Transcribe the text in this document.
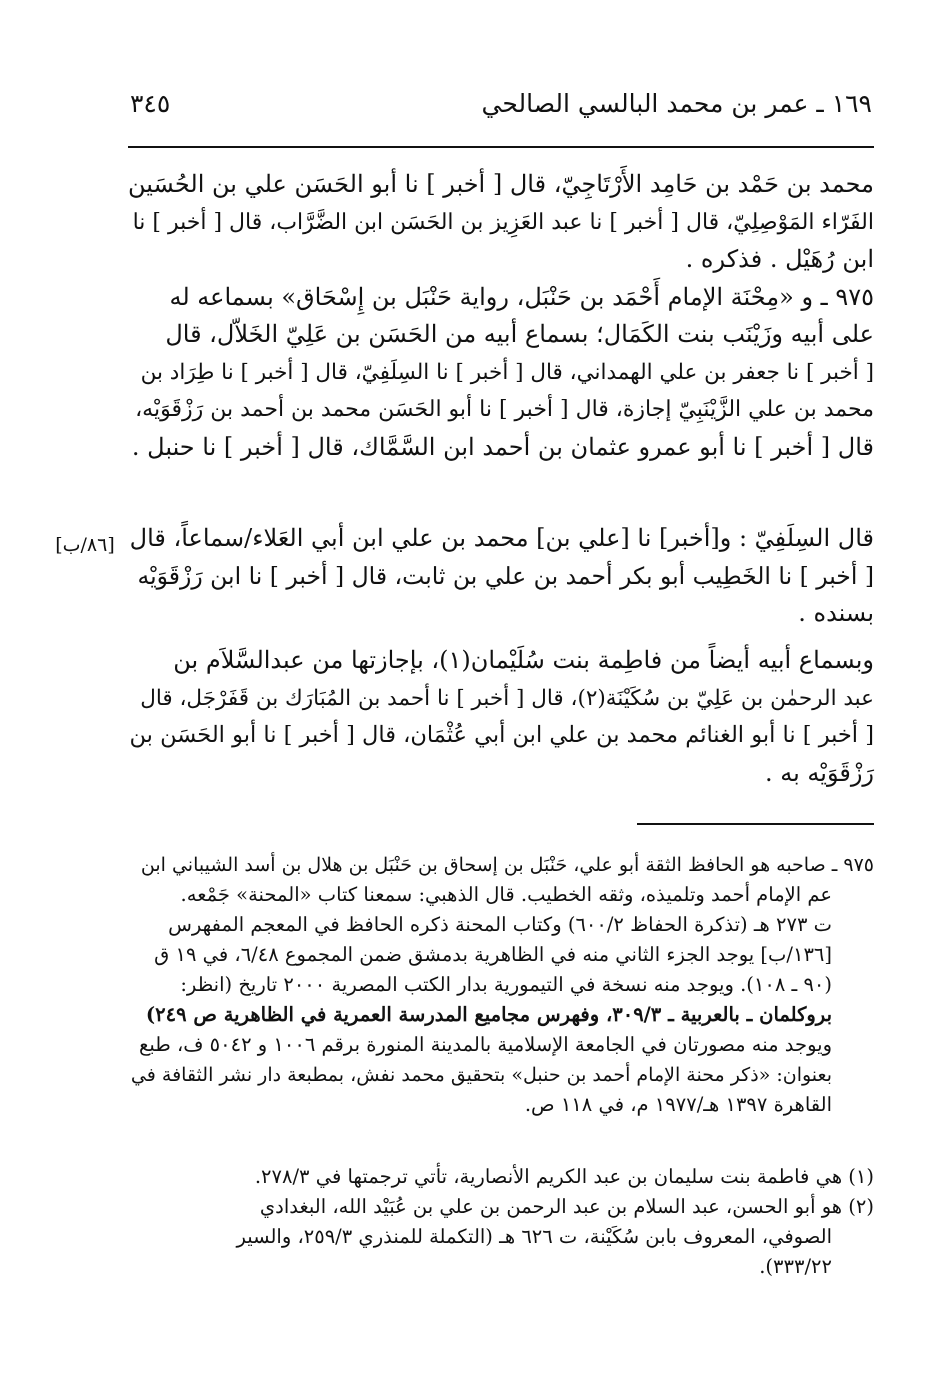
١٦٩ ـ عمر بن محمد البالسي الصالحي
٣٤٥
محمد بن حَمْد بن حَامِد الأَرْتَاجِيّ، قال [ أخبر ] نا أبو الحَسَن علي بن الحُسَين
الفَرّاء المَوْصِلِيّ، قال [ أخبر ] نا عبد العَزِيز بن الحَسَن ابن الضَّرَّاب، قال [ أخبر ] نا
ابن رُهَيْل . فذكره .
٩٧٥ ـ و «مِحْنَة الإمام أَحْمَد بن حَنْبَل، رواية حَنْبَل بن إِسْحَاق» بسماعه له
على أبيه وزَيْنَب بنت الكَمَال؛ بسماع أبيه من الحَسَن بن عَلِيّ الخَلاّل، قال
[ أخبر ] نا جعفر بن علي الهمداني، قال [ أخبر ] نا السِلَفِيّ، قال [ أخبر ] نا طِرَاد بن
محمد بن علي الزَّيْنَبِيّ إجازة، قال [ أخبر ] نا أبو الحَسَن محمد بن أحمد بن رَزْقَوَيْه،
قال [ أخبر ] نا أبو عمرو عثمان بن أحمد ابن السَّمَّاك، قال [ أخبر ] نا حنبل .
[٨٦/ب] قال السِلَفِيّ : و[أخبر] نا [علي بن] محمد بن علي ابن أبي العَلاء/سماعاً، قال
[ أخبر ] نا الخَطِيب أبو بكر أحمد بن علي بن ثابت، قال [ أخبر ] نا ابن رَزْقَوَيْه
بسنده .
وبسماع أبيه أيضاً من فاطِمة بنت سُلَيْمان(١)، بإجازتها من عبدالسَّلاَم بن
عبد الرحمٰن بن عَلِيّ بن سُكَيْنَة(٢)، قال [ أخبر ] نا أحمد بن المُبَارَك بن قَفَرْجَل، قال
[ أخبر ] نا أبو الغنائم محمد بن علي ابن أبي عُثْمَان، قال [ أخبر ] نا أبو الحَسَن بن
رَزْقَوَيْه به .
٩٧٥ ـ صاحبه هو الحافظ الثقة أبو علي، حَنْبَل بن إسحاق بن حَنْبَل بن هلال بن أسد الشيباني ابن
عم الإمام أحمد وتلميذه، وثقه الخطيب. قال الذهبي: سمعنا كتاب «المحنة» جَمْعه.
ت ٢٧٣ هـ (تذكرة الحفاظ ٦٠٠/٢) وكتاب المحنة ذكره الحافظ في المعجم المفهرس
[١٣٦/ب] يوجد الجزء الثاني منه في الظاهرية بدمشق ضمن المجموع ٦/٤٨، في ١٩ ق
(٩٠ ـ ١٠٨). ويوجد منه نسخة في التيمورية بدار الكتب المصرية ٢٠٠٠ تاريخ (انظر:
بروكلمان ـ بالعربية ـ ٣٠٩/٣، وفهرس مجاميع المدرسة العمرية في الظاهرية ص ٢٤٩)
ويوجد منه مصورتان في الجامعة الإسلامية بالمدينة المنورة برقم ١٠٠٦ و ٥٠٤٢ ف، طبع
بعنوان: «ذكر محنة الإمام أحمد بن حنبل» بتحقيق محمد نفش، بمطبعة دار نشر الثقافة في
القاهرة ١٣٩٧ هـ/١٩٧٧ م، في ١١٨ ص.
(١) هي فاطمة بنت سليمان بن عبد الكريم الأنصارية، تأتي ترجمتها في ٢٧٨/٣.
(٢) هو أبو الحسن، عبد السلام بن عبد الرحمن بن علي بن عُبَيْد الله، البغدادي
الصوفي، المعروف بابن سُكَيْنة، ت ٦٢٦ هـ (التكملة للمنذري ٢٥٩/٣، والسير
٣٣٣/٢٢).
